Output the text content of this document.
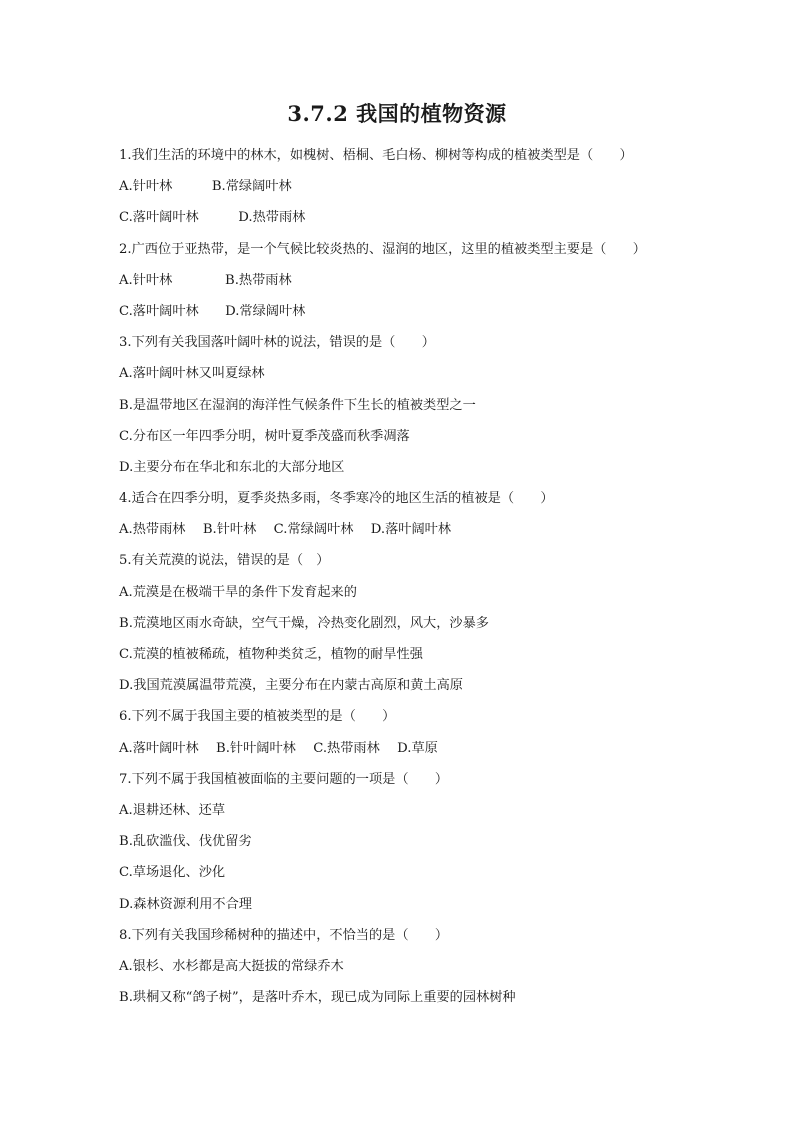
3.7.2 我国的植物资源
1.我们生活的环境中的林木，如槐树、梧桐、毛白杨、柳树等构成的植被类型是（　　）
A.针叶林　　　B.常绿阔叶林
C.落叶阔叶林　　　D.热带雨林
2.广西位于亚热带，是一个气候比较炎热的、湿润的地区，这里的植被类型主要是（　　）
A.针叶林　　　　B.热带雨林
C.落叶阔叶林　　D.常绿阔叶林
3.下列有关我国落叶阔叶林的说法，错误的是（　　）
A.落叶阔叶林又叫夏绿林
B.是温带地区在湿润的海洋性气候条件下生长的植被类型之一
C.分布区一年四季分明，树叶夏季茂盛而秋季凋落
D.主要分布在华北和东北的大部分地区
4.适合在四季分明，夏季炎热多雨，冬季寒冷的地区生活的植被是（　　）
A.热带雨林　 B.针叶林　 C.常绿阔叶林　 D.落叶阔叶林
5.有关荒漠的说法，错误的是（　）
A.荒漠是在极端干旱的条件下发育起来的
B.荒漠地区雨水奇缺，空气干燥，冷热变化剧烈，风大，沙暴多
C.荒漠的植被稀疏，植物种类贫乏，植物的耐旱性强
D.我国荒漠属温带荒漠，主要分布在内蒙古高原和黄土高原
6.下列不属于我国主要的植被类型的是（　　）
A.落叶阔叶林　 B.针叶阔叶林　 C.热带雨林　 D.草原
7.下列不属于我国植被面临的主要问题的一项是（　　）
A.退耕还林、还草
B.乱砍滥伐、伐优留劣
C.草场退化、沙化
D.森林资源利用不合理
8.下列有关我国珍稀树种的描述中，不恰当的是（　　）
A.银杉、水杉都是高大挺拔的常绿乔木
B.珙桐又称“鸽子树”，是落叶乔木，现已成为同际上重要的园林树种
